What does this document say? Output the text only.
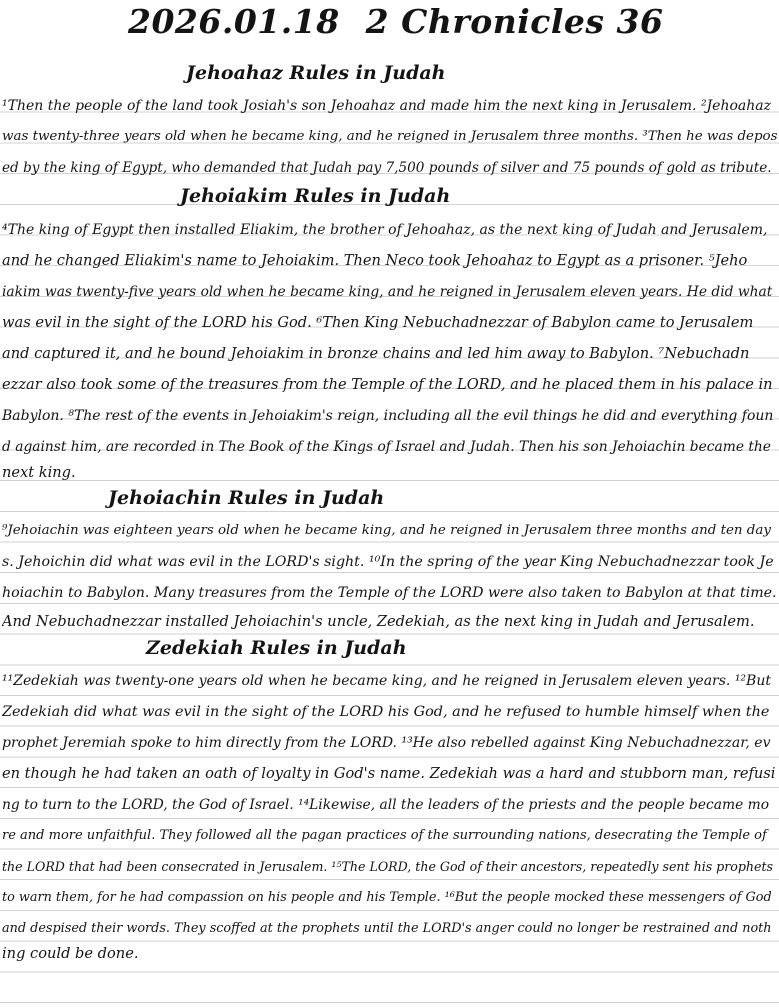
2026.01.18 2 Chronicles 36
Jehoahaz Rules in Judah
¹Then the people of the land took Josiah's son Jehoahaz and made him the next king in Jerusalem. ²Jehoahaz
was twenty-three years old when he became king, and he reigned in Jerusalem three months. ³Then he was depos
ed by the king of Egypt, who demanded that Judah pay 7,500 pounds of silver and 75 pounds of gold as tribute.
Jehoiakim Rules in Judah
⁴The king of Egypt then installed Eliakim, the brother of Jehoahaz, as the next king of Judah and Jerusalem,
and he changed Eliakim's name to Jehoiakim. Then Neco took Jehoahaz to Egypt as a prisoner. ⁵Jeho
iakim was twenty-five years old when he became king, and he reigned in Jerusalem eleven years. He did what
was evil in the sight of the LORD his God. ⁶Then King Nebuchadnezzar of Babylon came to Jerusalem
and captured it, and he bound Jehoiakim in bronze chains and led him away to Babylon. ⁷Nebuchadn
ezzar also took some of the treasures from the Temple of the LORD, and he placed them in his palace in
Babylon. ⁸The rest of the events in Jehoiakim's reign, including all the evil things he did and everything foun
d against him, are recorded in The Book of the Kings of Israel and Judah. Then his son Jehoiachin became the
next king.
Jehoiachin Rules in Judah
⁹Jehoiachin was eighteen years old when he became king, and he reigned in Jerusalem three months and ten day
s. Jehoichin did what was evil in the LORD's sight. ¹⁰In the spring of the year King Nebuchadnezzar took Je
hoiachin to Babylon. Many treasures from the Temple of the LORD were also taken to Babylon at that time.
And Nebuchadnezzar installed Jehoiachin's uncle, Zedekiah, as the next king in Judah and Jerusalem.
Zedekiah Rules in Judah
¹¹Zedekiah was twenty-one years old when he became king, and he reigned in Jerusalem eleven years. ¹²But
Zedekiah did what was evil in the sight of the LORD his God, and he refused to humble himself when the
prophet Jeremiah spoke to him directly from the LORD. ¹³He also rebelled against King Nebuchadnezzar, ev
en though he had taken an oath of loyalty in God's name. Zedekiah was a hard and stubborn man, refusi
ng to turn to the LORD, the God of Israel. ¹⁴Likewise, all the leaders of the priests and the people became mo
re and more unfaithful. They followed all the pagan practices of the surrounding nations, desecrating the Temple of
the LORD that had been consecrated in Jerusalem. ¹⁵The LORD, the God of their ancestors, repeatedly sent his prophets
to warn them, for he had compassion on his people and his Temple. ¹⁶But the people mocked these messengers of God
and despised their words. They scoffed at the prophets until the LORD's anger could no longer be restrained and noth
ing could be done.
